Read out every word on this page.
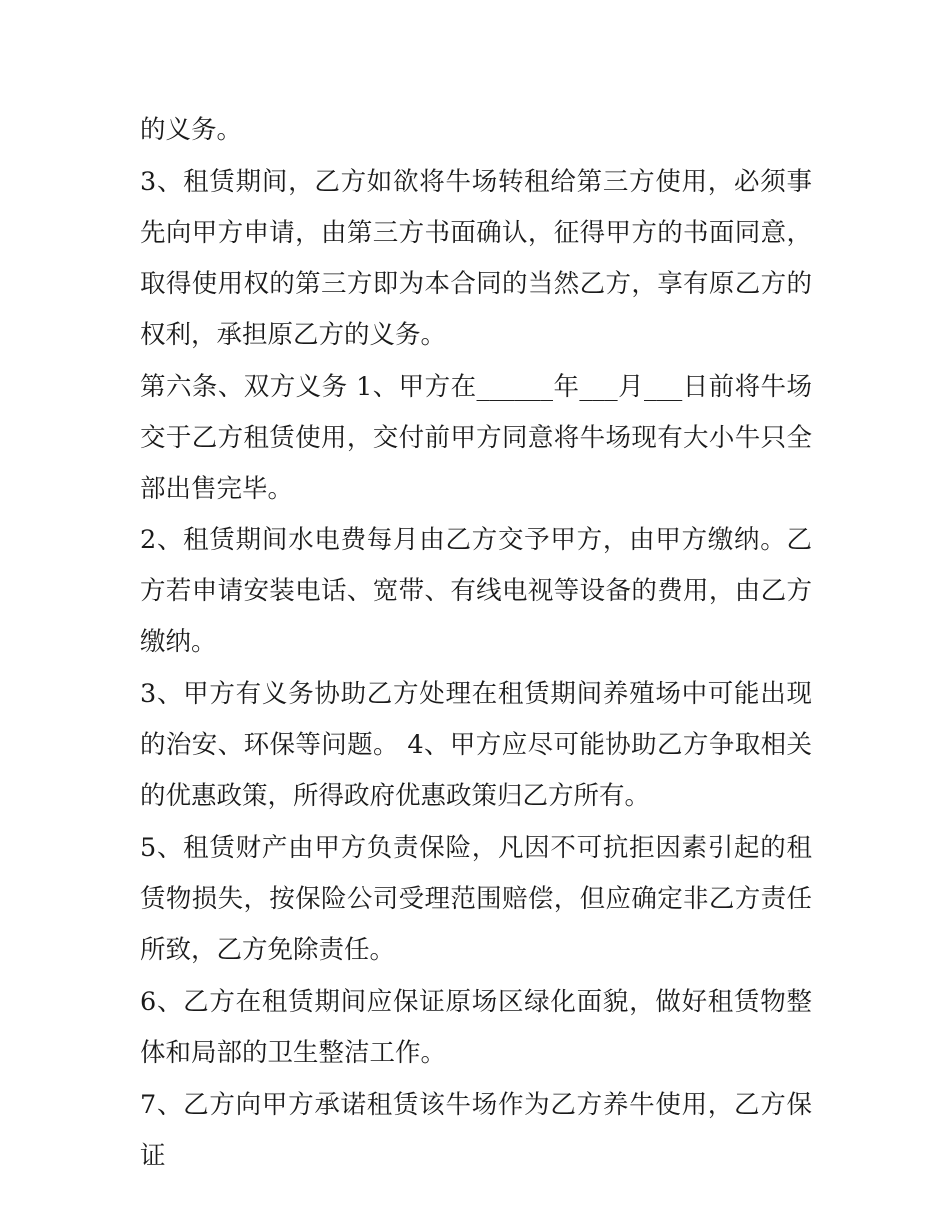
的义务。

3、租赁期间，乙方如欲将牛场转租给第三方使用，必须事先向甲方申请，由第三方书面确认，征得甲方的书面同意，取得使用权的第三方即为本合同的当然乙方，享有原乙方的权利，承担原乙方的义务。

第六条、双方义务 1、甲方在______年___月___日前将牛场交于乙方租赁使用，交付前甲方同意将牛场现有大小牛只全部出售完毕。

2、租赁期间水电费每月由乙方交予甲方，由甲方缴纳。乙方若申请安装电话、宽带、有线电视等设备的费用，由乙方缴纳。

3、甲方有义务协助乙方处理在租赁期间养殖场中可能出现的治安、环保等问题。 4、甲方应尽可能协助乙方争取相关的优惠政策，所得政府优惠政策归乙方所有。

5、租赁财产由甲方负责保险，凡因不可抗拒因素引起的租赁物损失，按保险公司受理范围赔偿，但应确定非乙方责任所致，乙方免除责任。

6、乙方在租赁期间应保证原场区绿化面貌，做好租赁物整体和局部的卫生整洁工作。

7、乙方向甲方承诺租赁该牛场作为乙方养牛使用，乙方保证
